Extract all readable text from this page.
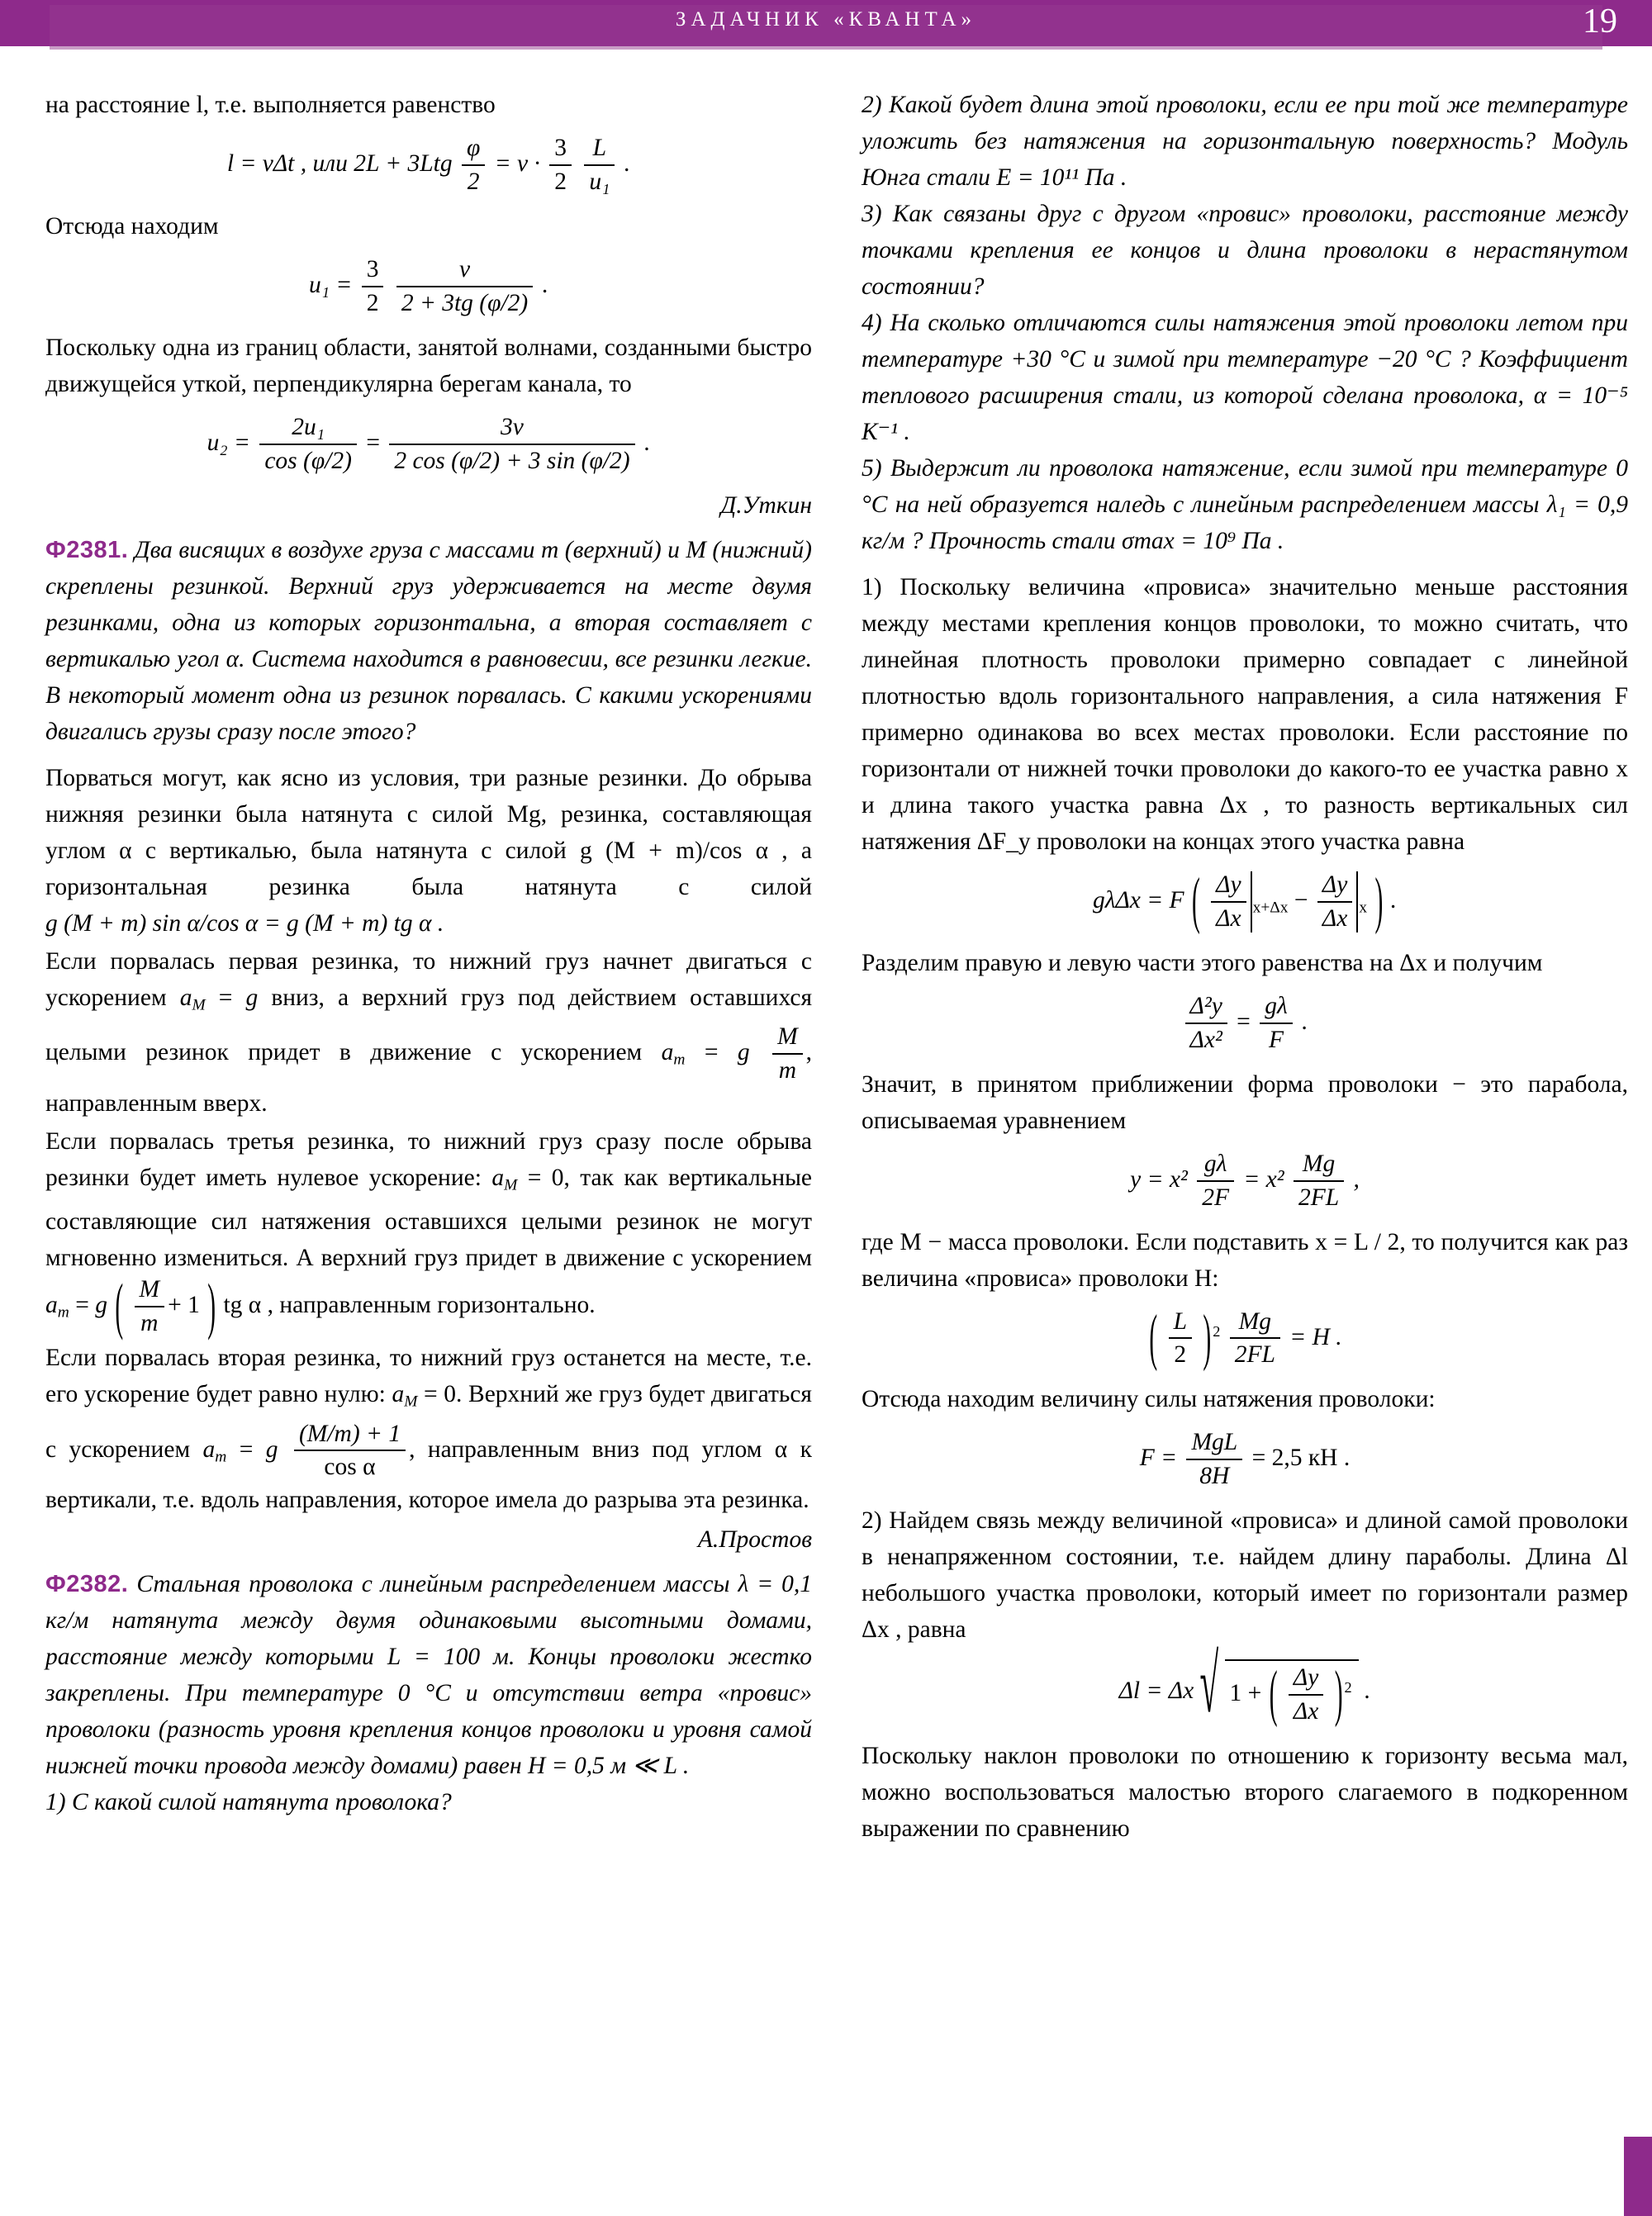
ЗАДАЧНИК «КВАНТА»	19

на расстояние l, т.е. выполняется равенство

l = vΔt , или $2L + 3Ltg \frac{\varphi}{2} = v \cdot \frac{3}{2}$
$\frac{L}{\text{u₁}}$ .

Отсюда находим

$u_1 = \frac{3}{2}$
$\frac{v}{2 + 3tg (\varphi/2)}$ .

Поскольку одна из границ области, занятой волнами, созданными быстро движущейся уткой, перпендикулярна берегам канала, то

$u_2 = \frac{\text{2u₁}}{\cos (\varphi/2)} = \frac{3v}{2 \cos (\varphi/2) + 3 \sin (\varphi/2)}$ .

Д.Уткин

Ф2381. Два висящих в воздухе груза с массами m (верхний) и M (нижний) скреплены резинкой. Верхний груз удерживается на месте двумя резинками, одна из которых горизонтальна, а вторая составляет с вертикалью угол α. Система находится в равновесии, все резинки легкие. В некоторый момент одна из резинок порвалась. С какими ускорениями двигались грузы сразу после этого?

Порваться могут, как ясно из условия, три разные резинки. До обрыва нижняя резинки была натянута с силой Mg, резинка, составляющая углом α с вертикалью, была натянута с силой g (M + m)/cos α , а горизонтальная резинка была натянута с силой g (M + m) sin α/cos α = g (M + m) tg α .

Если порвалась первая резинка, то нижний груз начнет двигаться с ускорением $a_M = g$ вниз, а верхний груз под действием оставшихся целыми резинок придет в движение с ускорением $a_m = g \frac{M}{m}$ , направленным вверх.

Если порвалась третья резинка, то нижний груз сразу после обрыва резинки будет иметь нулевое ускорение: $a_M = 0$, так как вертикальные составляющие сил натяжения оставшихся целыми резинок не могут мгновенно измениться. А верхний груз придет в движение с ускорением $a_m = g$ ( $\frac{M}{m} + 1$ ) tg α , направленным горизонтально.

Если порвалась вторая резинка, то нижний груз останется на месте, т.е. его ускорение будет равно нулю: $a_M = 0$. Верхний же груз будет двигаться с ускорением $a_m = g \frac{(M/m) + 1}{\text{cos α}}$ , направленным вниз под углом α к вертикали, т.е. вдоль направления, которое имела до разрыва эта резинка.

А.Простов

Ф2382. Стальная проволока с линейным распределением массы λ = 0,1 кг/м натянута между двумя одинаковыми высотными домами, расстояние между которыми L = 100 м. Концы проволоки жестко закреплены. При температуре 0 °C и отсутствии ветра «провис» проволоки (разность уровня крепления концов проволоки и уровня самой нижней точки провода между домами) равен H = 0,5 м ≪ L .
1) С какой силой натянута проволока?

2) Какой будет длина этой проволоки, если ее при той же температуре уложить без натяжения на горизонтальную поверхность? Модуль Юнга стали E = 10¹¹ Па .

3) Как связаны друг с другом «провис» проволоки, расстояние между точками крепления ее концов и длина проволоки в нерастянутом состоянии?

4) На сколько отличаются силы натяжения этой проволоки летом при температуре +30 °C и зимой при температуре −20 °C ? Коэффициент теплового расширения стали, из которой сделана проволока, α = 10⁻⁵ К⁻¹ .

5) Выдержит ли проволока натяжение, если зимой при температуре 0 °C на ней образуется наледь с линейным распределением массы λ₁ = 0,9 кг/м ? Прочность стали σmax = 10⁹ Па .

1) Поскольку величина «провиса» значительно меньше расстояния между местами крепления концов проволоки, то можно считать, что линейная плотность проволоки примерно совпадает с линейной плотностью вдоль горизонтального направления, а сила натяжения F примерно одинакова во всех местах проволоки. Если расстояние по горизонтали от нижней точки проволоки до какого-то ее участка равно x и длина такого участка равна Δx , то разность вертикальных сил натяжения ΔF_y проволоки на концах этого участка равна

gλΔx = F ( $\frac{\Delta y}{\Delta x} x+\Delta x - \frac{\Delta y}{\Delta x}$ x ) .

Разделим правую и левую части этого равенства на Δx и получим

$\frac{\text{Δ²y}}{\text{Δx²}} = \frac{g\lambda}{F}$ .

Значит, в принятом приближении форма проволоки − это парабола, описываемая уравнением

$y = x^2 \frac{g\lambda}{2F} = x^2 \frac{Mg}{2FL}$ ,

где M − масса проволоки. Если подставить x = L / 2, то получится как раз величина «провиса» проволоки H:

( $\frac{L}{2}$ ) $^2 \frac{Mg}{2FL} = H$ .

Отсюда находим величину силы натяжения проволоки:

$F = \frac{\text{MgL}}{8H} = 2,5$ кН .

2) Найдем связь между величиной «провиса» и длиной самой проволоки в ненапряженном состоянии, т.е. найдем длину параболы. Длина Δl небольшого участка проволоки, который имеет по горизонтали размер Δx , равна

Δl = Δx √ 1 + ( $\frac{\Delta y}{\Delta x}$ ) $^2$ .

Поскольку наклон проволоки по отношению к горизонту весьма мал, можно воспользоваться малостью второго слагаемого в подкоренном выражении по сравнению
